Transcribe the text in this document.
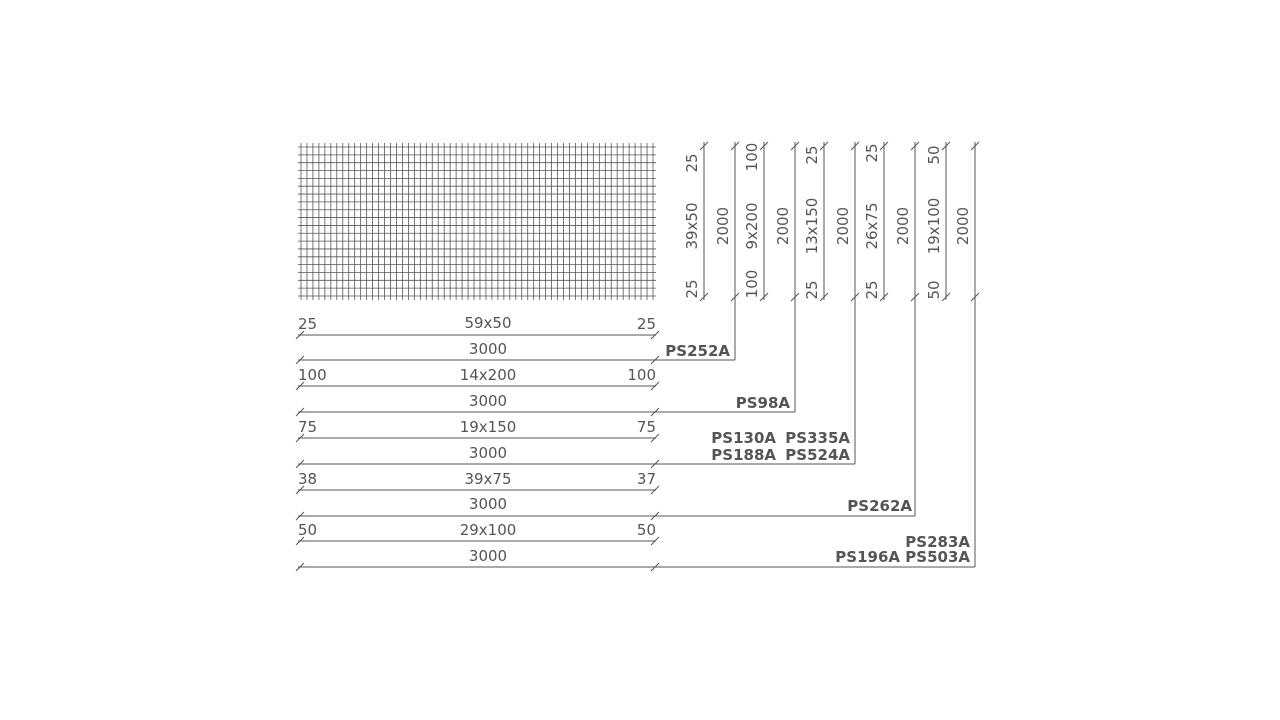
25	59x50	25
3000
100	14x200	100
3000
75	19x150	75
3000
38	39x75	37
3000
50	29x100	50
3000
25
39x50
25
2000
100
9x200
100
2000
25
13x150
25
2000
25
26x75
25
2000
50
19x100
50
2000
PS252A
PS98A
PS130A PS335A
PS188A PS524A
PS262A
PS283A
PS196A PS503A
